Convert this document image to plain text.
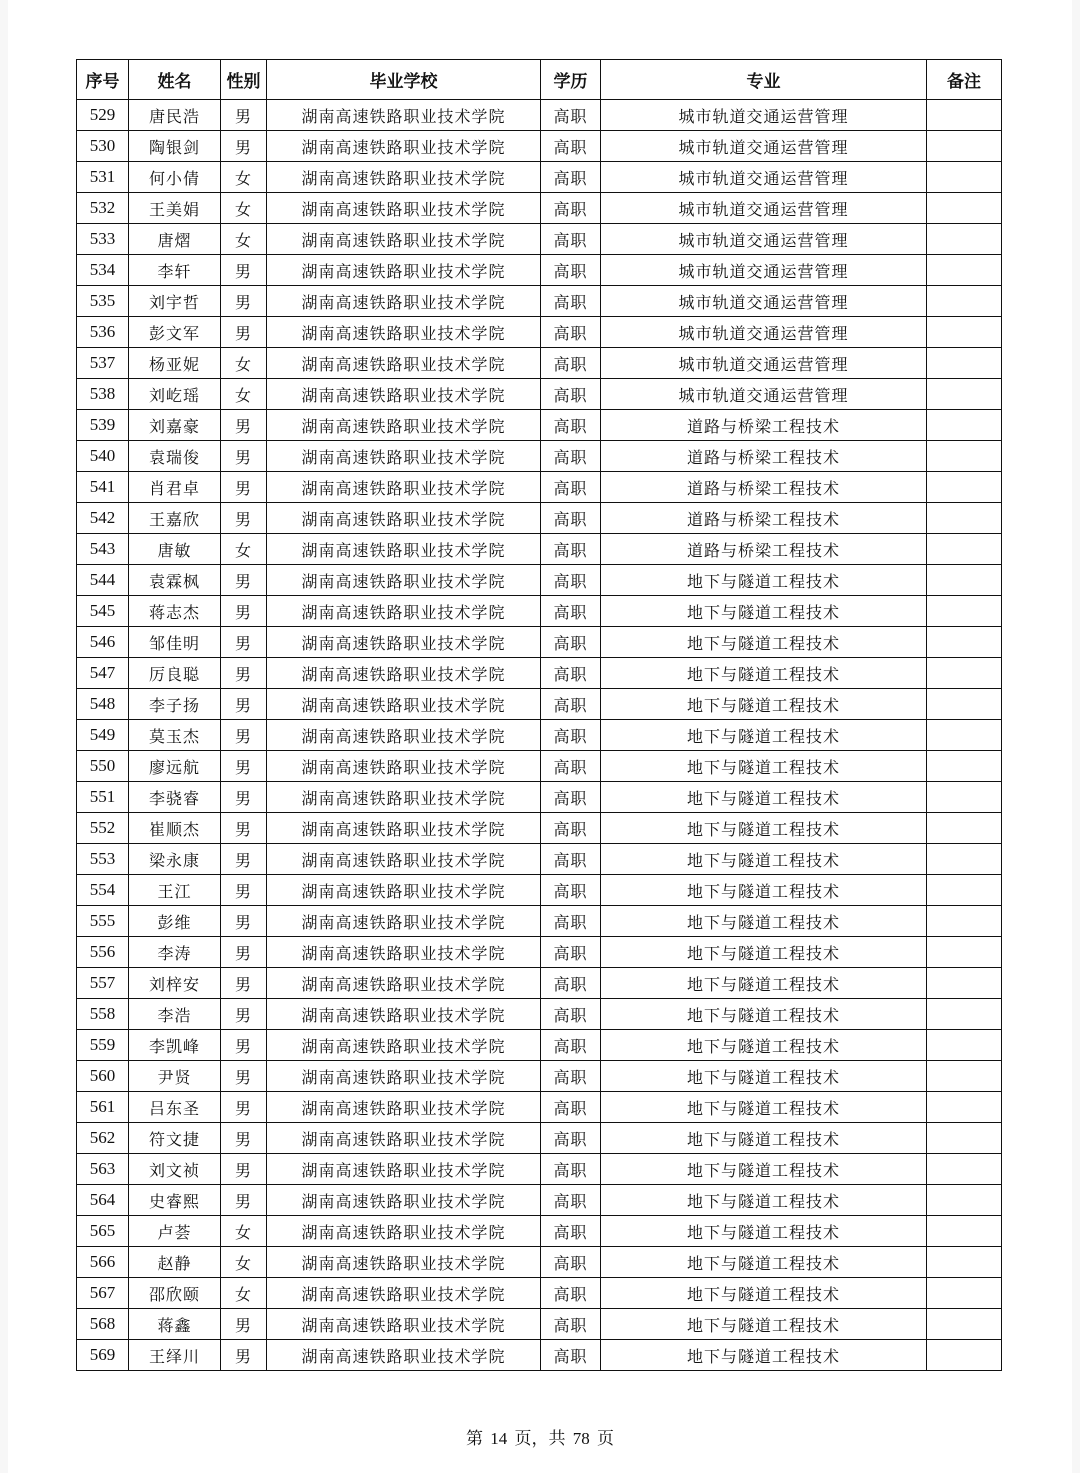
序号	姓名	性别	毕业学校	学历	专业	备注
529	唐民浩	男	湖南高速铁路职业技术学院	高职	城市轨道交通运营管理	
530	陶银剑	男	湖南高速铁路职业技术学院	高职	城市轨道交通运营管理	
531	何小倩	女	湖南高速铁路职业技术学院	高职	城市轨道交通运营管理	
532	王美娟	女	湖南高速铁路职业技术学院	高职	城市轨道交通运营管理	
533	唐熠	女	湖南高速铁路职业技术学院	高职	城市轨道交通运营管理	
534	李轩	男	湖南高速铁路职业技术学院	高职	城市轨道交通运营管理	
535	刘宇哲	男	湖南高速铁路职业技术学院	高职	城市轨道交通运营管理	
536	彭文军	男	湖南高速铁路职业技术学院	高职	城市轨道交通运营管理	
537	杨亚妮	女	湖南高速铁路职业技术学院	高职	城市轨道交通运营管理	
538	刘屹瑶	女	湖南高速铁路职业技术学院	高职	城市轨道交通运营管理	
539	刘嘉豪	男	湖南高速铁路职业技术学院	高职	道路与桥梁工程技术	
540	袁瑞俊	男	湖南高速铁路职业技术学院	高职	道路与桥梁工程技术	
541	肖君卓	男	湖南高速铁路职业技术学院	高职	道路与桥梁工程技术	
542	王嘉欣	男	湖南高速铁路职业技术学院	高职	道路与桥梁工程技术	
543	唐敏	女	湖南高速铁路职业技术学院	高职	道路与桥梁工程技术	
544	袁霖枫	男	湖南高速铁路职业技术学院	高职	地下与隧道工程技术	
545	蒋志杰	男	湖南高速铁路职业技术学院	高职	地下与隧道工程技术	
546	邹佳明	男	湖南高速铁路职业技术学院	高职	地下与隧道工程技术	
547	厉良聪	男	湖南高速铁路职业技术学院	高职	地下与隧道工程技术	
548	李子扬	男	湖南高速铁路职业技术学院	高职	地下与隧道工程技术	
549	莫玉杰	男	湖南高速铁路职业技术学院	高职	地下与隧道工程技术	
550	廖远航	男	湖南高速铁路职业技术学院	高职	地下与隧道工程技术	
551	李骁睿	男	湖南高速铁路职业技术学院	高职	地下与隧道工程技术	
552	崔顺杰	男	湖南高速铁路职业技术学院	高职	地下与隧道工程技术	
553	梁永康	男	湖南高速铁路职业技术学院	高职	地下与隧道工程技术	
554	王江	男	湖南高速铁路职业技术学院	高职	地下与隧道工程技术	
555	彭维	男	湖南高速铁路职业技术学院	高职	地下与隧道工程技术	
556	李涛	男	湖南高速铁路职业技术学院	高职	地下与隧道工程技术	
557	刘梓安	男	湖南高速铁路职业技术学院	高职	地下与隧道工程技术	
558	李浩	男	湖南高速铁路职业技术学院	高职	地下与隧道工程技术	
559	李凯峰	男	湖南高速铁路职业技术学院	高职	地下与隧道工程技术	
560	尹贤	男	湖南高速铁路职业技术学院	高职	地下与隧道工程技术	
561	吕东圣	男	湖南高速铁路职业技术学院	高职	地下与隧道工程技术	
562	符文捷	男	湖南高速铁路职业技术学院	高职	地下与隧道工程技术	
563	刘文祯	男	湖南高速铁路职业技术学院	高职	地下与隧道工程技术	
564	史睿熙	男	湖南高速铁路职业技术学院	高职	地下与隧道工程技术	
565	卢荟	女	湖南高速铁路职业技术学院	高职	地下与隧道工程技术	
566	赵静	女	湖南高速铁路职业技术学院	高职	地下与隧道工程技术	
567	邵欣颐	女	湖南高速铁路职业技术学院	高职	地下与隧道工程技术	
568	蒋鑫	男	湖南高速铁路职业技术学院	高职	地下与隧道工程技术	
569	王绎川	男	湖南高速铁路职业技术学院	高职	地下与隧道工程技术	
第 14 页，共 78 页
